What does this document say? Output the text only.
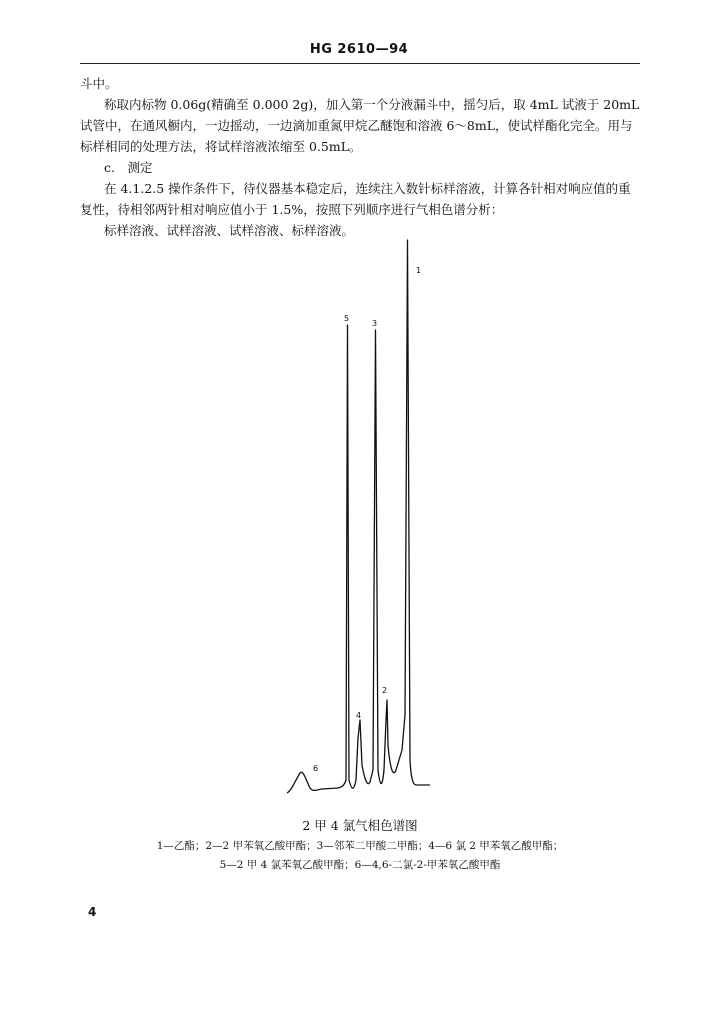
HG 2610—94

斗中。

称取内标物 0.06g(精确至 0.000 2g)，加入第一个分液漏斗中，摇匀后，取 4mL 试液于 20mL 试管中，在通风橱内，一边摇动，一边滴加重氮甲烷乙醚饱和溶液 6～8mL，使试样酯化完全。用与标样相同的处理方法，将试样溶液浓缩至 0.5mL。

c.　测定

在 4.1.2.5 操作条件下，待仪器基本稳定后，连续注入数针标样溶液，计算各针相对响应值的重复性，待相邻两针相对响应值小于 1.5%，按照下列顺序进行气相色谱分析：

标样溶液、试样溶液、试样溶液、标样溶液。

1
2
3
4
5
6
2 甲 4 氯气相色谱图
1—乙酯；2—2 甲苯氧乙酸甲酯；3—邻苯二甲酸二甲酯；4—6 氯 2 甲苯氧乙酸甲酯；
5—2 甲 4 氯苯氧乙酸甲酯；6—4,6-二氯-2-甲苯氧乙酸甲酯
4
